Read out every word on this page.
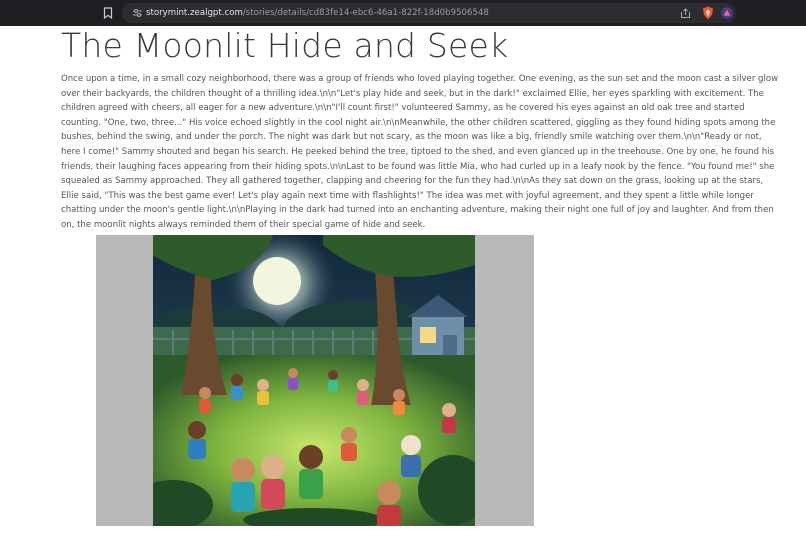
storymint.zealgpt.com/stories/details/cd83fe14-ebc6-46a1-822f-18d0b9506548
The Moonlit Hide and Seek

Once upon a time, in a small cozy neighborhood, there was a group of friends who loved playing together. One evening, as the sun set and the moon cast a silver glow over their backyards, the children thought of a thrilling idea.\n\n"Let's play hide and seek, but in the dark!" exclaimed Ellie, her eyes sparkling with excitement. The children agreed with cheers, all eager for a new adventure.\n\n"I'll count first!" volunteered Sammy, as he covered his eyes against an old oak tree and started counting. "One, two, three..." His voice echoed slightly in the cool night air.\n\nMeanwhile, the other children scattered, giggling as they found hiding spots among the bushes, behind the swing, and under the porch. The night was dark but not scary, as the moon was like a big, friendly smile watching over them.\n\n"Ready or not, here I come!" Sammy shouted and began his search. He peeked behind the tree, tiptoed to the shed, and even glanced up in the treehouse. One by one, he found his friends, their laughing faces appearing from their hiding spots.\n\nLast to be found was little Mia, who had curled up in a leafy nook by the fence. "You found me!" she squealed as Sammy approached. They all gathered together, clapping and cheering for the fun they had.\n\nAs they sat down on the grass, looking up at the stars, Ellie said, "This was the best game ever! Let's play again next time with flashlights!" The idea was met with joyful agreement, and they spent a little while longer chatting under the moon's gentle light.\n\nPlaying in the dark had turned into an enchanting adventure, making their night one full of joy and laughter. And from then on, the moonlit nights always reminded them of their special game of hide and seek.
